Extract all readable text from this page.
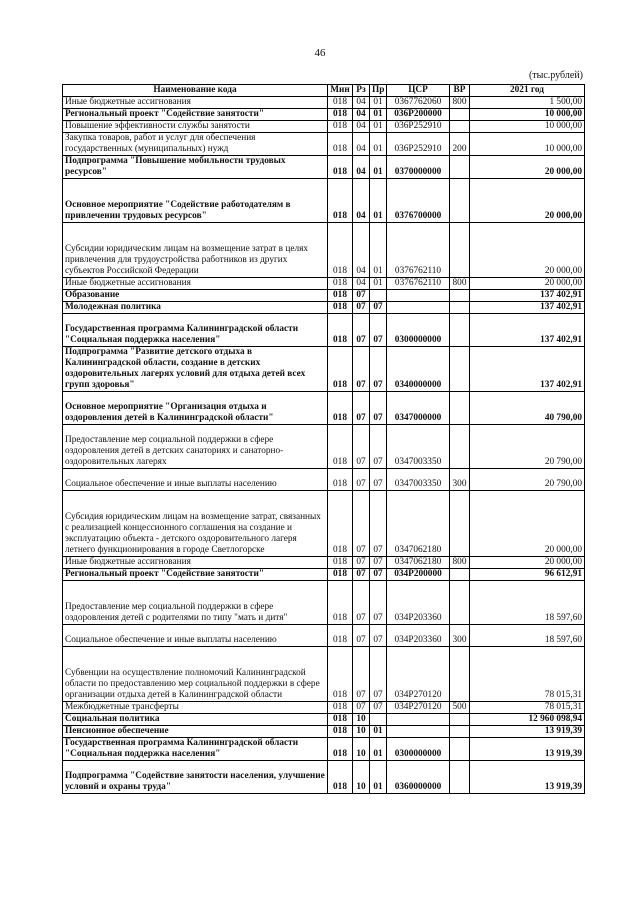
46
(тыс.рублей)
Наименование кода	Мин	Рз	Пр	ЦСР	ВР	2021 год
Иные бюджетные ассигнования	018	04	01	0367762060	800	1 500,00
Региональный проект "Содействие занятости"	018	04	01	036P200000		10 000,00
Повышение эффективности службы занятости	018	04	01	036P252910		10 000,00
Закупка товаров, работ и услуг для обеспечения государственных (муниципальных) нужд	018	04	01	036P252910	200	10 000,00
Подпрограмма "Повышение мобильности трудовых ресурсов"	018	04	01	0370000000		20 000,00
Основное мероприятие "Содействие работодателям в привлечении трудовых ресурсов"	018	04	01	0376700000		20 000,00
Субсидии юридическим лицам на возмещение затрат в целях привлечения для трудоустройства работников из других субъектов Российской Федерации	018	04	01	0376762110		20 000,00
Иные бюджетные ассигнования	018	04	01	0376762110	800	20 000,00
Образование	018	07				137 402,91
Молодежная политика	018	07	07			137 402,91
Государственная программа Калининградской области "Социальная поддержка населения"	018	07	07	0300000000		137 402,91
Подпрограмма "Развитие детского отдыха в Калининградской области, создание в детских оздоровительных лагерях условий для отдыха детей всех групп здоровья"	018	07	07	0340000000		137 402,91
Основное мероприятие "Организация отдыха и оздоровления детей в Калининградской области"	018	07	07	0347000000		40 790,00
Предоставление мер социальной поддержки в сфере оздоровления детей в детских санаториях и санаторно-оздоровительных лагерях	018	07	07	0347003350		20 790,00
Социальное обеспечение и иные выплаты населению	018	07	07	0347003350	300	20 790,00
Субсидия юридическим лицам на возмещение затрат, связанных с реализацией концессионного соглашения на создание и эксплуатацию объекта - детского оздоровительного лагеря летнего функционирования в городе Светлогорске	018	07	07	0347062180		20 000,00
Иные бюджетные ассигнования	018	07	07	0347062180	800	20 000,00
Региональный проект "Содействие занятости"	018	07	07	034P200000		96 612,91
Предоставление мер социальной поддержки в сфере оздоровления детей с родителями по типу "мать и дитя"	018	07	07	034P203360		18 597,60
Социальное обеспечение и иные выплаты населению	018	07	07	034P203360	300	18 597,60
Субвенции на осуществление полномочий Калининградской области по предоставлению мер социальной поддержки в сфере организации отдыха детей в Калининградской области	018	07	07	034P270120		78 015,31
Межбюджетные трансферты	018	07	07	034P270120	500	78 015,31
Социальная политика	018	10				12 960 098,94
Пенсионное обеспечение	018	10	01			13 919,39
Государственная программа Калининградской области "Социальная поддержка населения"	018	10	01	0300000000		13 919,39
Подпрограмма "Содействие занятости населения, улучшение условий и охраны труда"	018	10	01	0360000000		13 919,39
